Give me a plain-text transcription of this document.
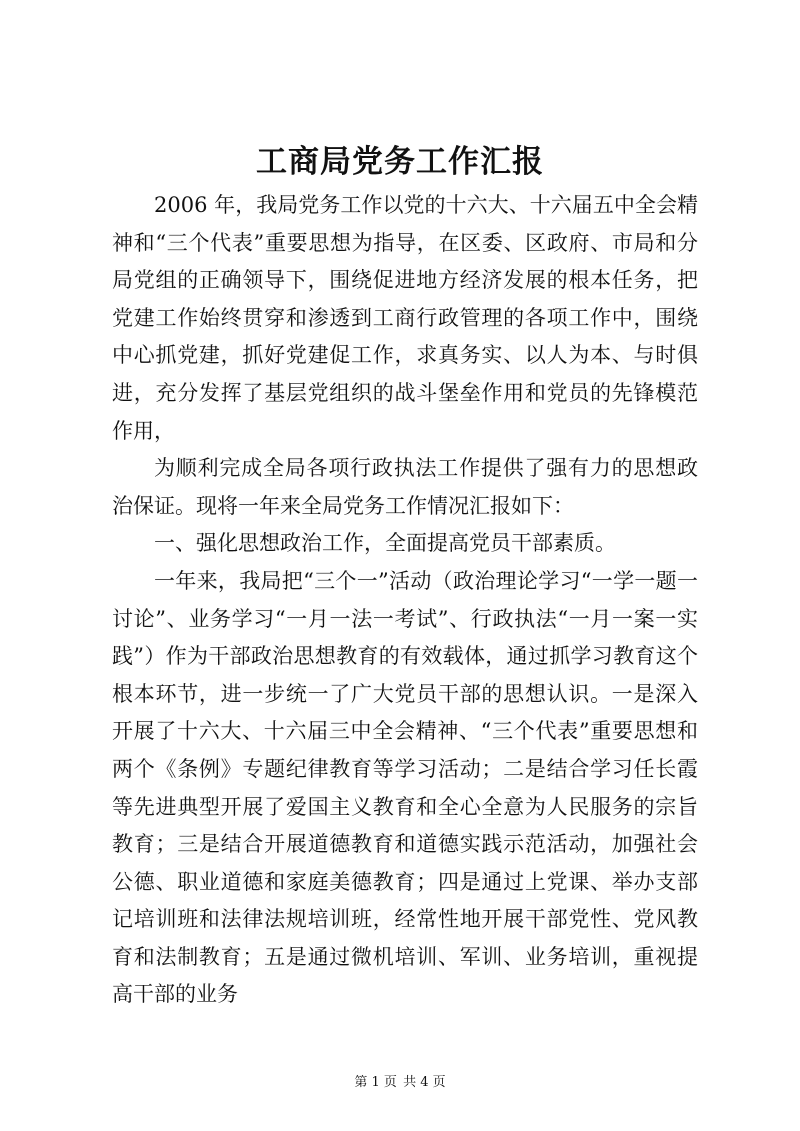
工商局党务工作汇报

2006 年，我局党务工作以党的十六大、十六届五中全会精神和“三个代表”重要思想为指导，在区委、区政府、市局和分局党组的正确领导下，围绕促进地方经济发展的根本任务，把党建工作始终贯穿和渗透到工商行政管理的各项工作中，围绕中心抓党建，抓好党建促工作，求真务实、以人为本、与时俱进，充分发挥了基层党组织的战斗堡垒作用和党员的先锋模范作用，

为顺利完成全局各项行政执法工作提供了强有力的思想政治保证。现将一年来全局党务工作情况汇报如下：

一、强化思想政治工作，全面提高党员干部素质。

一年来，我局把“三个一”活动（政治理论学习“一学一题一讨论”、业务学习“一月一法一考试”、行政执法“一月一案一实践”）作为干部政治思想教育的有效载体，通过抓学习教育这个根本环节，进一步统一了广大党员干部的思想认识。一是深入开展了十六大、十六届三中全会精神、“三个代表”重要思想和两个《条例》专题纪律教育等学习活动；二是结合学习任长霞等先进典型开展了爱国主义教育和全心全意为人民服务的宗旨教育；三是结合开展道德教育和道德实践示范活动，加强社会公德、职业道德和家庭美德教育；四是通过上党课、举办支部记培训班和法律法规培训班，经常性地开展干部党性、党风教育和法制教育；五是通过微机培训、军训、业务培训，重视提高干部的业务

第 1 页 共 4 页
